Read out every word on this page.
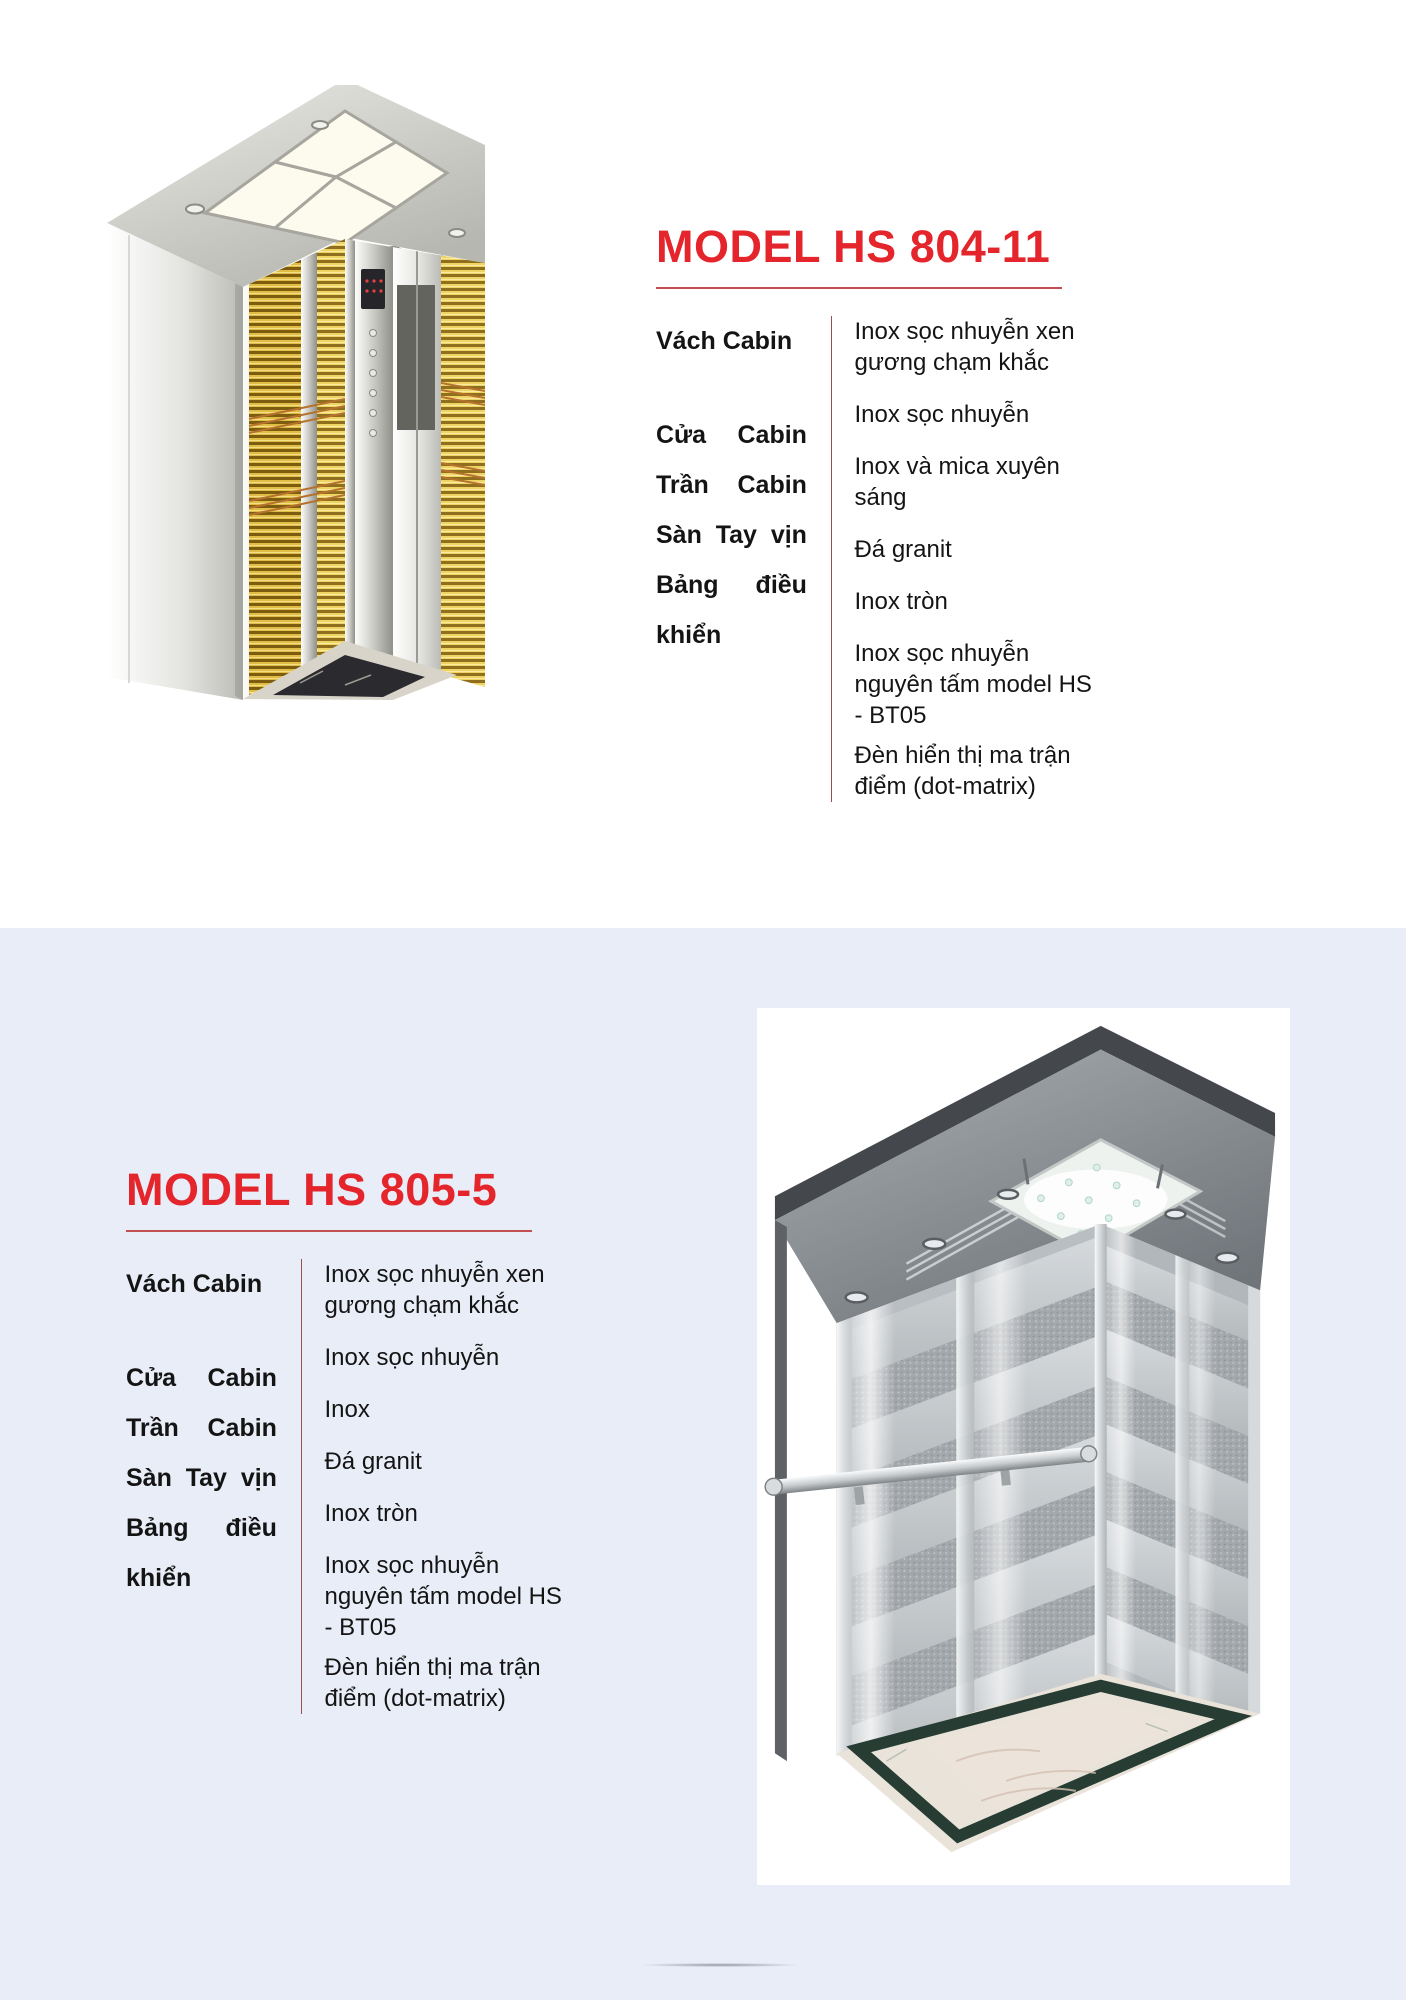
MODEL HS 804-11
Vách Cabin
Cửa Cabin Trần Cabin Sàn Tay vịn Bảng điều khiển
Inox sọc nhuyễn xen gương chạm khắc
Inox sọc nhuyễn
Inox và mica xuyên sáng
Đá granit
Inox tròn
Inox sọc nhuyễn nguyên tấm model HS - BT05
Đèn hiển thị ma trận điểm (dot-matrix)
MODEL HS 805-5
Vách Cabin
Cửa Cabin Trần Cabin Sàn Tay vịn Bảng điều khiển
Inox sọc nhuyễn xen gương chạm khắc
Inox sọc nhuyễn
Inox
Đá granit
Inox tròn
Inox sọc nhuyễn nguyên tấm model HS - BT05
Đèn hiển thị ma trận điểm (dot-matrix)
